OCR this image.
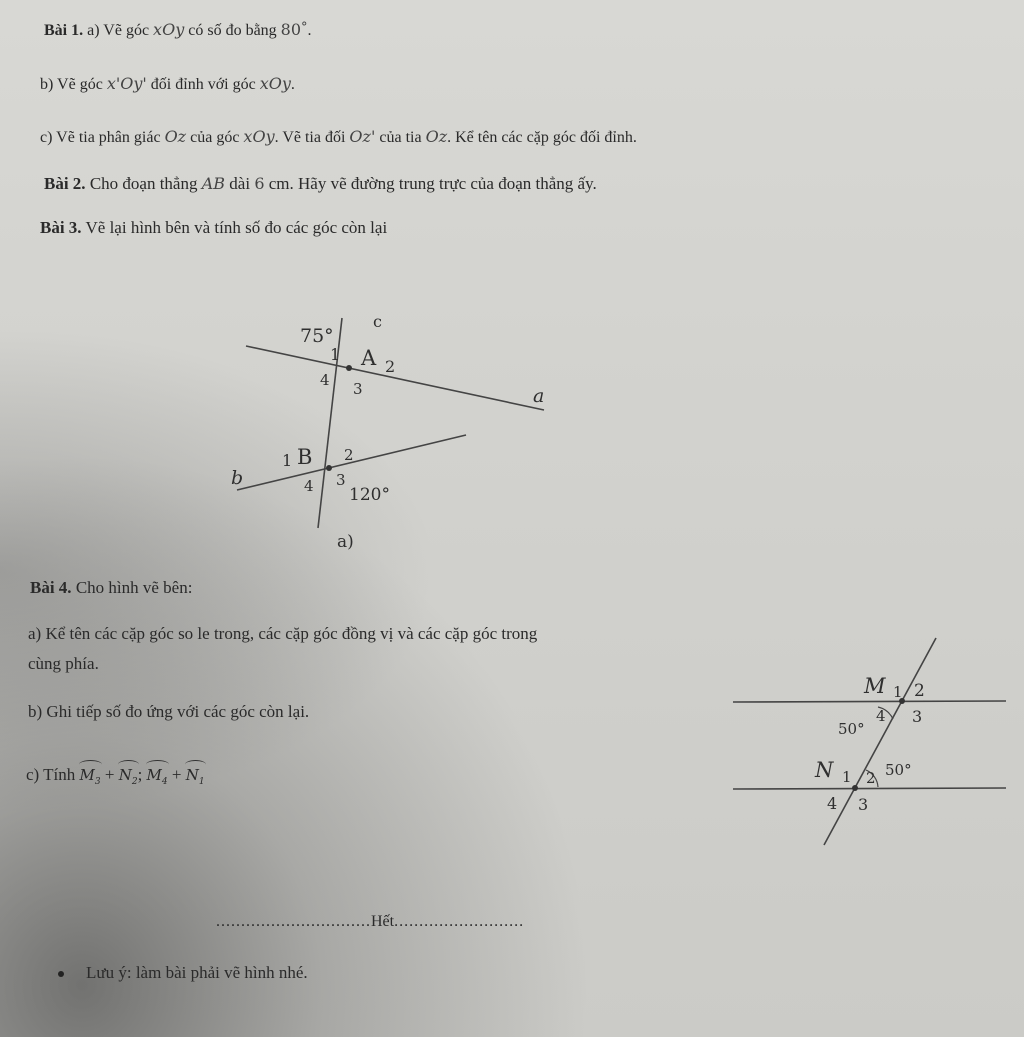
Bài 1. a) Vẽ góc xOy có số đo bằng 80°.
b) Vẽ góc x'Oy' đối đỉnh với góc xOy.
c) Vẽ tia phân giác Oz của góc xOy. Vẽ tia đối Oz' của tia Oz. Kể tên các cặp góc đối đỉnh.
Bài 2. Cho đoạn thẳng AB dài 6 cm. Hãy vẽ đường trung trực của đoạn thẳng ấy.
Bài 3. Vẽ lại hình bên và tính số đo các góc còn lại
75°
c
1 A 2
4 3	a
1 B 2
b	4 3
120°
a)
Bài 4. Cho hình vẽ bên:
a) Kể tên các cặp góc so le trong, các cặp góc đồng vị và các cặp góc trong
cùng phía.
b) Ghi tiếp số đo ứng với các góc còn lại.
c) Tính $M_3 + N_2$; $M_4 + N_1$
M 1 2
50°
4 3
N 1 2 50°
4 3
...............................Hết..........................
Lưu ý: làm bài phải vẽ hình nhé.
